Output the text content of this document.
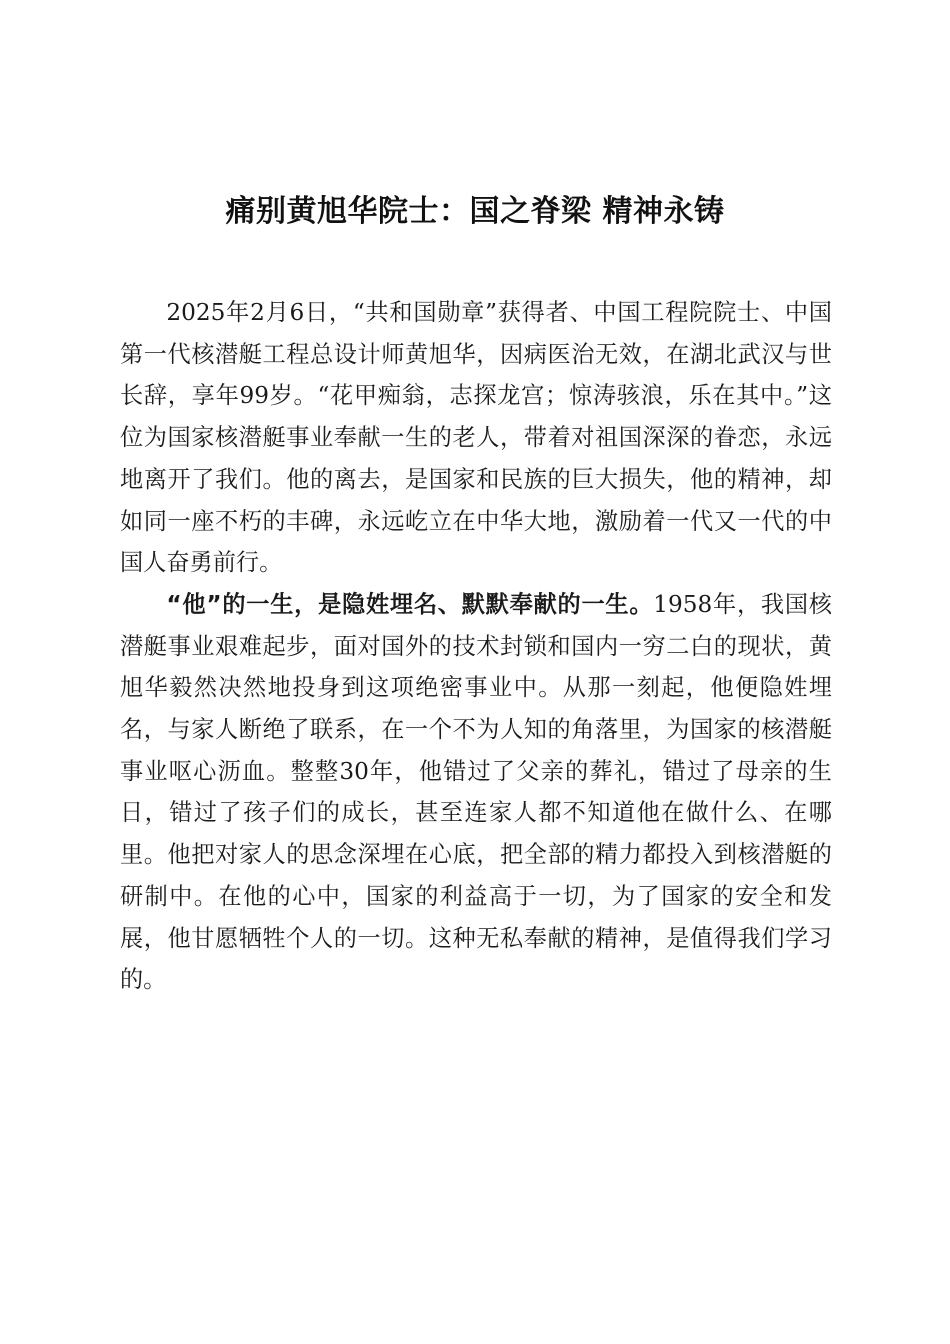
痛别黄旭华院士：国之脊梁 精神永铸

2025年2月6日，“共和国勋章”获得者、中国工程院院士、中国第一代核潜艇工程总设计师黄旭华，因病医治无效，在湖北武汉与世长辞，享年99岁。“花甲痴翁，志探龙宫；惊涛骇浪，乐在其中。”这位为国家核潜艇事业奉献一生的老人，带着对祖国深深的眷恋，永远地离开了我们。他的离去，是国家和民族的巨大损失，他的精神，却如同一座不朽的丰碑，永远屹立在中华大地，激励着一代又一代的中国人奋勇前行。

“他”的一生，是隐姓埋名、默默奉献的一生。1958年，我国核潜艇事业艰难起步，面对国外的技术封锁和国内一穷二白的现状，黄旭华毅然决然地投身到这项绝密事业中。从那一刻起，他便隐姓埋名，与家人断绝了联系，在一个不为人知的角落里，为国家的核潜艇事业呕心沥血。整整30年，他错过了父亲的葬礼，错过了母亲的生日，错过了孩子们的成长，甚至连家人都不知道他在做什么、在哪里。他把对家人的思念深埋在心底，把全部的精力都投入到核潜艇的研制中。在他的心中，国家的利益高于一切，为了国家的安全和发展，他甘愿牺牲个人的一切。这种无私奉献的精神，是值得我们学习的。
